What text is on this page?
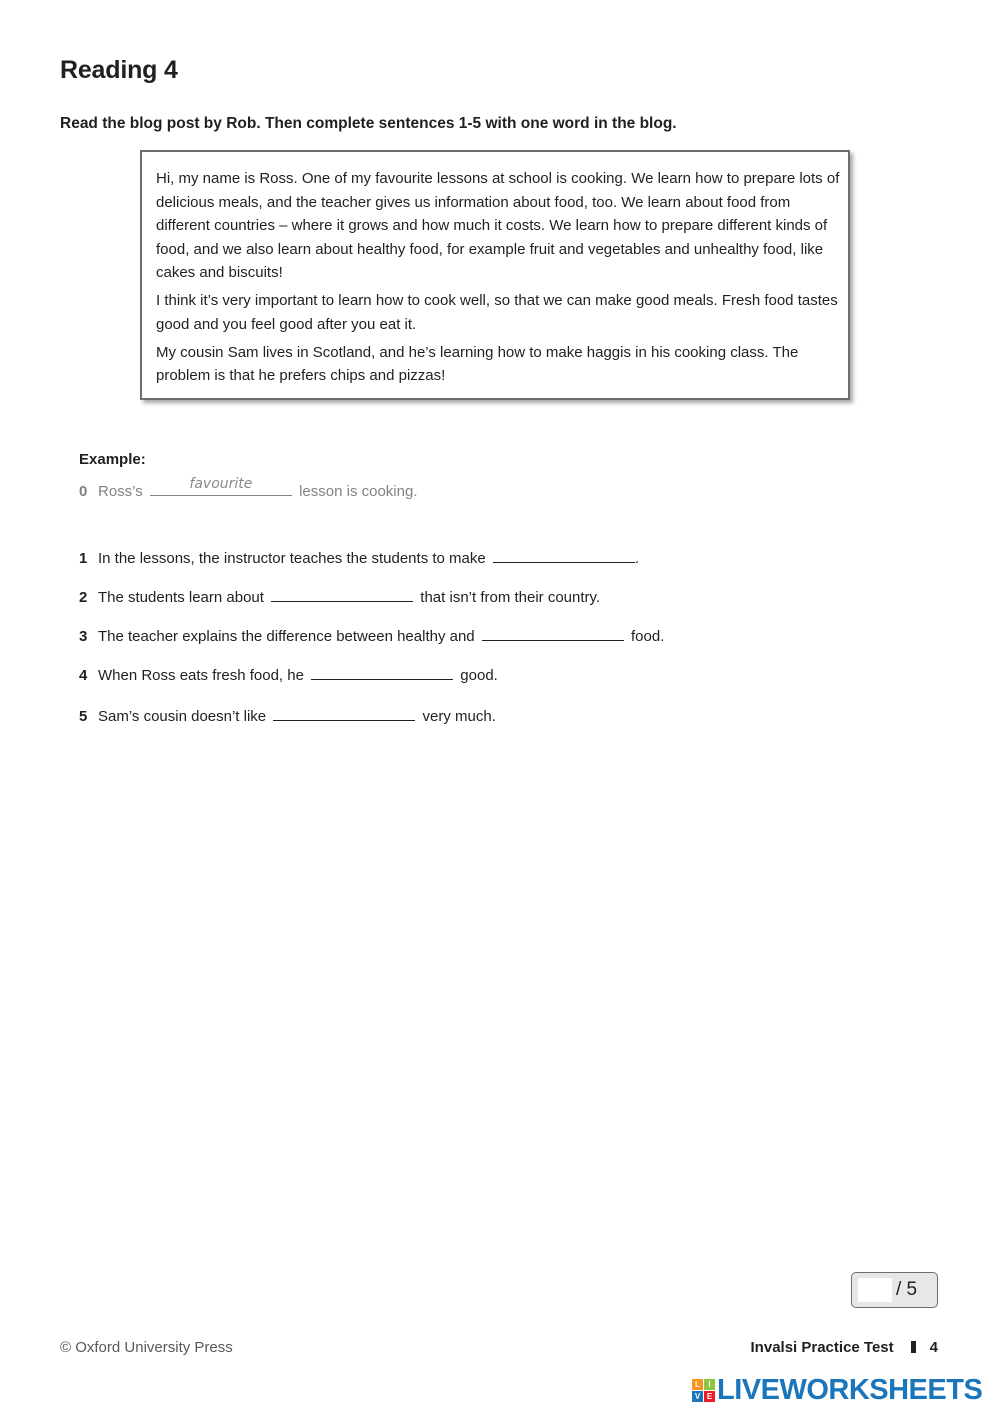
Reading 4
Read the blog post by Rob. Then complete sentences 1-5 with one word in the blog.

Hi, my name is Ross. One of my favourite lessons at school is cooking. We learn how to prepare lots of delicious meals, and the teacher gives us information about food, too. We learn about food from different countries – where it grows and how much it costs. We learn how to prepare different kinds of food, and we also learn about healthy food, for example fruit and vegetables and unhealthy food, like cakes and biscuits!

I think it’s very important to learn how to cook well, so that we can make good meals. Fresh food tastes good and you feel good after you eat it.

My cousin Sam lives in Scotland, and he’s learning how to make haggis in his cooking class. The problem is that he prefers chips and pizzas!

Example:
0 Ross’s	favourite	lesson is cooking.
1 In the lessons, the instructor teaches the students to make	.
2 The students learn about	that isn’t from their country.
3 The teacher explains the difference between healthy and	food.
4 When Ross eats fresh food, he	good.
5 Sam’s cousin doesn’t like	very much.
/ 5
© Oxford University Press	Invalsi Practice Test 4
L	I
V E LIVEWORKSHEETS
